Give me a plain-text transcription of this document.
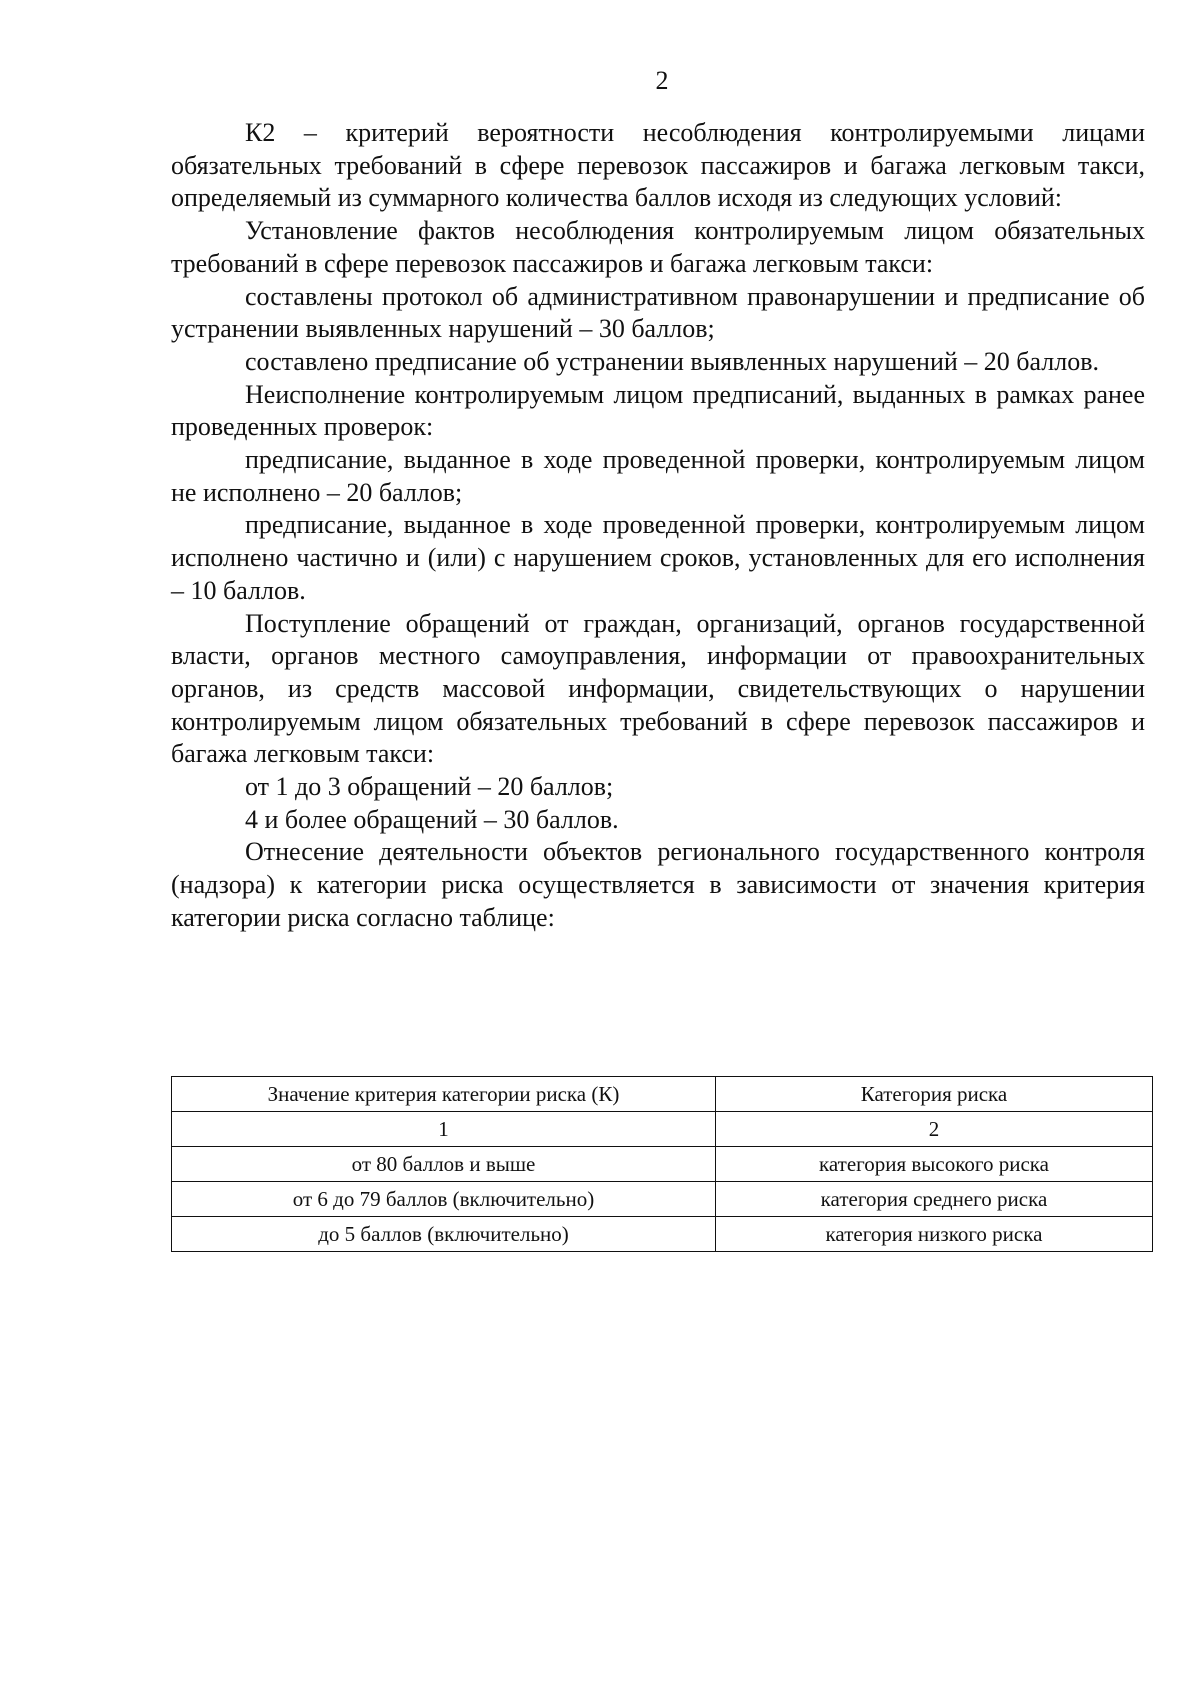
2

К2 – критерий вероятности несоблюдения контролируемыми лицами обязательных требований в сфере перевозок пассажиров и багажа легковым такси, определяемый из суммарного количества баллов исходя из следующих условий:

Установление фактов несоблюдения контролируемым лицом обязательных требований в сфере перевозок пассажиров и багажа легковым такси:

составлены протокол об административном правонарушении и предписание об устранении выявленных нарушений – 30 баллов;

составлено предписание об устранении выявленных нарушений – 20 баллов.

Неисполнение контролируемым лицом предписаний, выданных в рамках ранее проведенных проверок:

предписание, выданное в ходе проведенной проверки, контролируемым лицом не исполнено – 20 баллов;

предписание, выданное в ходе проведенной проверки, контролируемым лицом исполнено частично и (или) с нарушением сроков, установленных для его исполнения – 10 баллов.

Поступление обращений от граждан, организаций, органов государственной власти, органов местного самоуправления, информации от правоохранительных органов, из средств массовой информации, свидетельствующих о нарушении контролируемым лицом обязательных требований в сфере перевозок пассажиров и багажа легковым такси:

от 1 до 3 обращений – 20 баллов;

4 и более обращений – 30 баллов.

Отнесение деятельности объектов регионального государственного контроля (надзора) к категории риска осуществляется в зависимости от значения критерия категории риска согласно таблице:

Значение критерия категории риска (К)	Категория риска
1	2
от 80 баллов и выше	категория высокого риска
от 6 до 79 баллов (включительно)	категория среднего риска
до 5 баллов (включительно)	категория низкого риска
